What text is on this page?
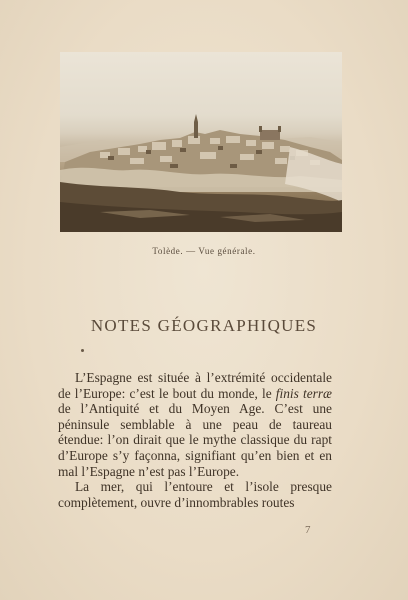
Tolède. — Vue générale.
NOTES GÉOGRAPHIQUES

L’Espagne est située à l’extrémité occidentale de l’Europe: c’est le bout du monde, le finis terræ de l’Antiquité et du Moyen Age. C’est une péninsule semblable à une peau de taureau étendue: l’on dirait que le mythe classique du rapt d’Europe s’y façonna, signifiant qu’en bien et en mal l’Espagne n’est pas l’Europe.

La mer, qui l’entoure et l’isole presque complètement, ouvre d’innombrables routes

7
